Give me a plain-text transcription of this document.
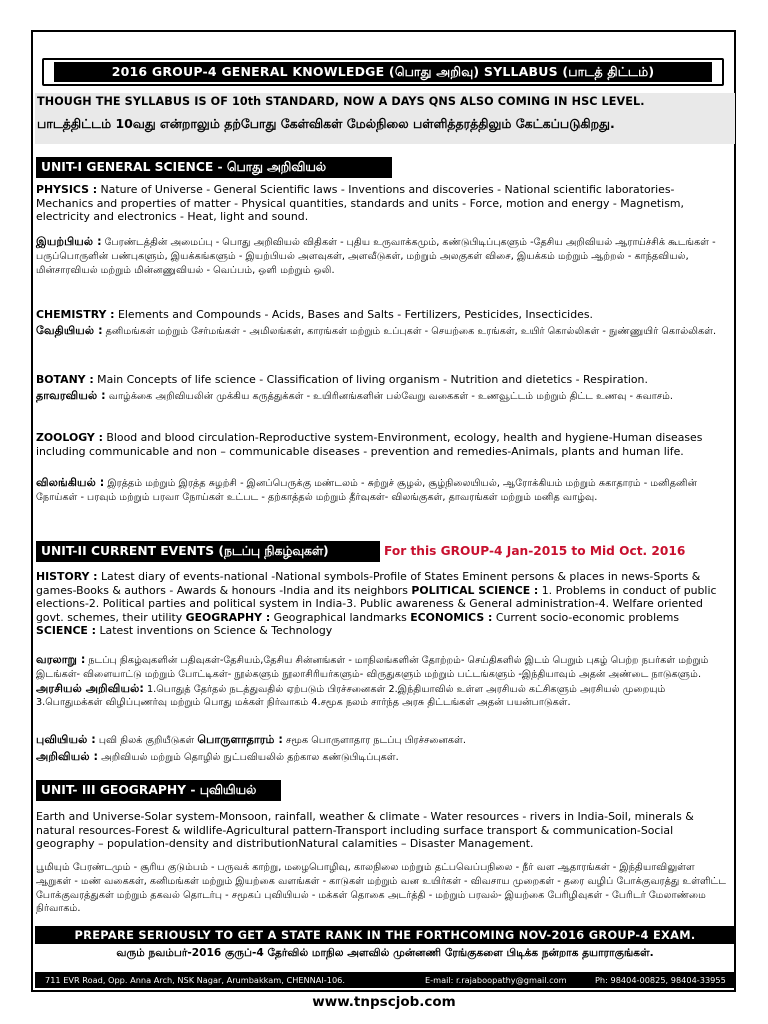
2016 GROUP-4 GENERAL KNOWLEDGE (பொது அறிவு) SYLLABUS (பாடத் திட்டம்)
THOUGH THE SYLLABUS IS OF 10th STANDARD, NOW A DAYS QNS ALSO COMING IN HSC LEVEL.
பாடத்திட்டம் 10வது என்றாலும் தற்போது கேள்விகள் மேல்நிலை பள்ளித்தரத்திலும் கேட்கப்படுகிறது.
UNIT-I GENERAL SCIENCE - பொது அறிவியல்
PHYSICS : Nature of Universe - General Scientific laws - Inventions and discoveries - National scientific laboratories- Mechanics and properties of matter - Physical quantities, standards and units - Force, motion and energy - Magnetism, electricity and electronics - Heat, light and sound.
இயற்பியல் : பேரண்டத்தின் அமைப்பு - பொது அறிவியல் விதிகள் - புதிய உருவாக்கமும், கண்டுபிடிப்புகளும் -தேசிய அறிவியல் ஆராய்ச்சிக் கூடங்கள் - பருப்பொருளின் பண்புகளும், இயக்கங்களும் - இயற்பியல் அளவுகள், அளவீடுகள், மற்றும் அலகுகள் விசை, இயக்கம் மற்றும் ஆற்றல் - காந்தவியல், மின்சாரவியல் மற்றும் மின்னணுவியல் - வெப்பம், ஒளி மற்றும் ஒலி.
CHEMISTRY : Elements and Compounds - Acids, Bases and Salts - Fertilizers, Pesticides, Insecticides.
வேதியியல் : தனிமங்கள் மற்றும் சேர்மங்கள் - அமிலங்கள், காரங்கள் மற்றும் உப்புகள் - செயற்கை உரங்கள், உயிர் கொல்லிகள் - நுண்ணுயிர் கொல்லிகள்.
BOTANY : Main Concepts of life science - Classification of living organism - Nutrition and dietetics - Respiration.
தாவரவியல் : வாழ்க்கை அறிவியலின் முக்கிய கருத்துக்கள் - உயிரினங்களின் பல்வேறு வகைகள் - உணவூட்டம் மற்றும் திட்ட உணவு - சுவாசம்.
ZOOLOGY : Blood and blood circulation-Reproductive system-Environment, ecology, health and hygiene-Human diseases including communicable and non – communicable diseases - prevention and remedies-Animals, plants and human life.
விலங்கியல் : இரத்தம் மற்றும் இரத்த சுழற்சி - இனப்பெருக்கு மண்டலம் - சுற்றுச் சூழல், சூழ்நிலையியல், ஆரோக்கியம் மற்றும் சுகாதாரம் - மனிதனின் நோய்கள் - பரவும் மற்றும் பரவா நோய்கள் உட்பட - தற்காத்தல் மற்றும் தீர்வுகள்- விலங்குகள், தாவரங்கள் மற்றும் மனித வாழ்வு.
UNIT-II CURRENT EVENTS (நடப்பு நிகழ்வுகள்)	For this GROUP-4 Jan-2015 to Mid Oct. 2016
HISTORY : Latest diary of events-national -National symbols-Profile of States Eminent persons & places in news-Sports & games-Books & authors - Awards & honours -India and its neighbors POLITICAL SCIENCE : 1. Problems in conduct of public elections-2. Political parties and political system in India-3. Public awareness & General administration-4. Welfare oriented govt. schemes, their utility GEOGRAPHY : Geographical landmarks ECONOMICS : Current socio-economic problems SCIENCE : Latest inventions on Science & Technology
வரலாறு : நடப்பு நிகழ்வுகளின் பதிவுகள்-தேசியம்,தேசிய சின்னங்கள் - மாநிலங்களின் தோற்றம்- செய்திகளில் இடம் பெறும் புகழ் பெற்ற நபர்கள் மற்றும் இடங்கள்- விளையாட்டு மற்றும் போட்டிகள்- நூல்களும் நூலாசிரியர்களும்- விருதுகளும் மற்றும் பட்டங்களும் -இந்தியாவும் அதன் அண்டை நாடுகளும். அரசியல் அறிவியல்: 1.பொதுத் தேர்தல் நடத்துவதில் ஏற்படும் பிரச்சனைகள் 2.இந்தியாவில் உள்ள அரசியல் கட்சிகளும் அரசியல் முறையும் 3.பொதுமக்கள் விழிப்புணர்வு மற்றும் பொது மக்கள் நிர்வாகம் 4.சமூக நலம் சார்ந்த அரசு திட்டங்கள் அதன் பயன்பாடுகள்.
புவியியல் : புவி நிலக் குறியீடுகள் பொருளாதாரம் : சமூக பொருளாதார நடப்பு பிரச்சனைகள்.
அறிவியல் : அறிவியல் மற்றும் தொழில் நுட்பவியலில் தற்கால கண்டுபிடிப்புகள்.
UNIT- III GEOGRAPHY - புவியியல்
Earth and Universe-Solar system-Monsoon, rainfall, weather & climate - Water resources - rivers in India-Soil, minerals & natural resources-Forest & wildlife-Agricultural pattern-Transport including surface transport & communication-Social geography – population-density and distributionNatural calamities – Disaster Management.
பூமியும் பேரண்டமும் - சூரிய குடும்பம் - பருவக் காற்று, மழைபொழிவு, காலநிலை மற்றும் தட்பவெப்பநிலை - நீர் வள ஆதாரங்கள் - இந்தியாவிலுள்ள ஆறுகள் - மண் வகைகள், கனிமங்கள் மற்றும் இயற்கை வளங்கள் - காடுகள் மற்றும் வன உயிர்கள் - விவசாய முறைகள் - தரை வழிப் போக்குவரத்து உள்ளிட்ட போக்குவரத்துகள் மற்றும் தகவல் தொடர்பு - சமூகப் புவியியல் - மக்கள் தொகை அடர்த்தி - மற்றும் பரவல்- இயற்கை பேரிழிவுகள் - பேரிடர் மேலாண்மை நிர்வாகம்.
PREPARE SERIOUSLY TO GET A STATE RANK IN THE FORTHCOMING NOV-2016 GROUP-4 EXAM.
வரும் நவம்பர்-2016 குருப்-4 தேர்வில் மாநில அளவில் முன்னணி ரேங்குகளை பிடிக்க நன்றாக தயாராகுங்கள்.
711 EVR Road, Opp. Anna Arch, NSK Nagar, Arumbakkam, CHENNAI-106.	E-mail: r.rajaboopathy@gmail.com	Ph: 98404-00825, 98404-33955
www.tnpscjob.com
